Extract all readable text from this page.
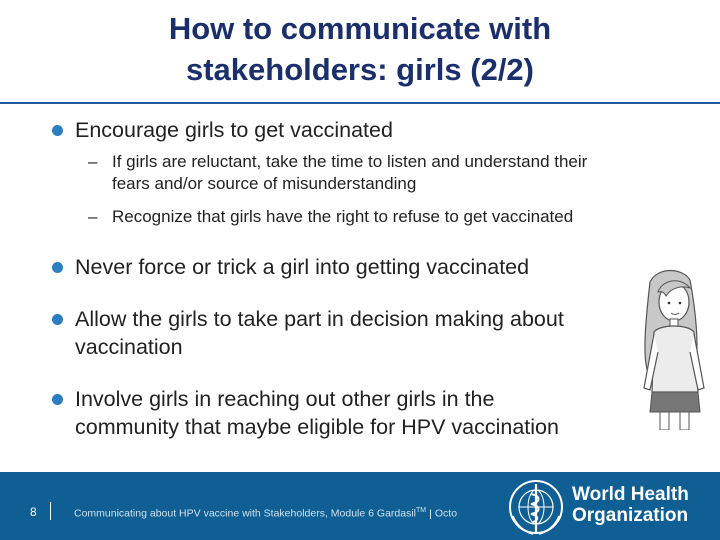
How to communicate with
stakeholders: girls (2/2)
Encourage girls to get vaccinated
– If girls are reluctant, take the time to listen and understand their
fears and/or source of misunderstanding
– Recognize that girls have the right to refuse to get vaccinated
Never force or trick a girl into getting vaccinated
Allow the girls to take part in decision making about
vaccination
Involve girls in reaching out other girls in the
community that maybe eligible for HPV vaccination
8	Communicating about HPV vaccine with Stakeholders, Module 6 Gardasil™ | Octo
World Health
Organization
